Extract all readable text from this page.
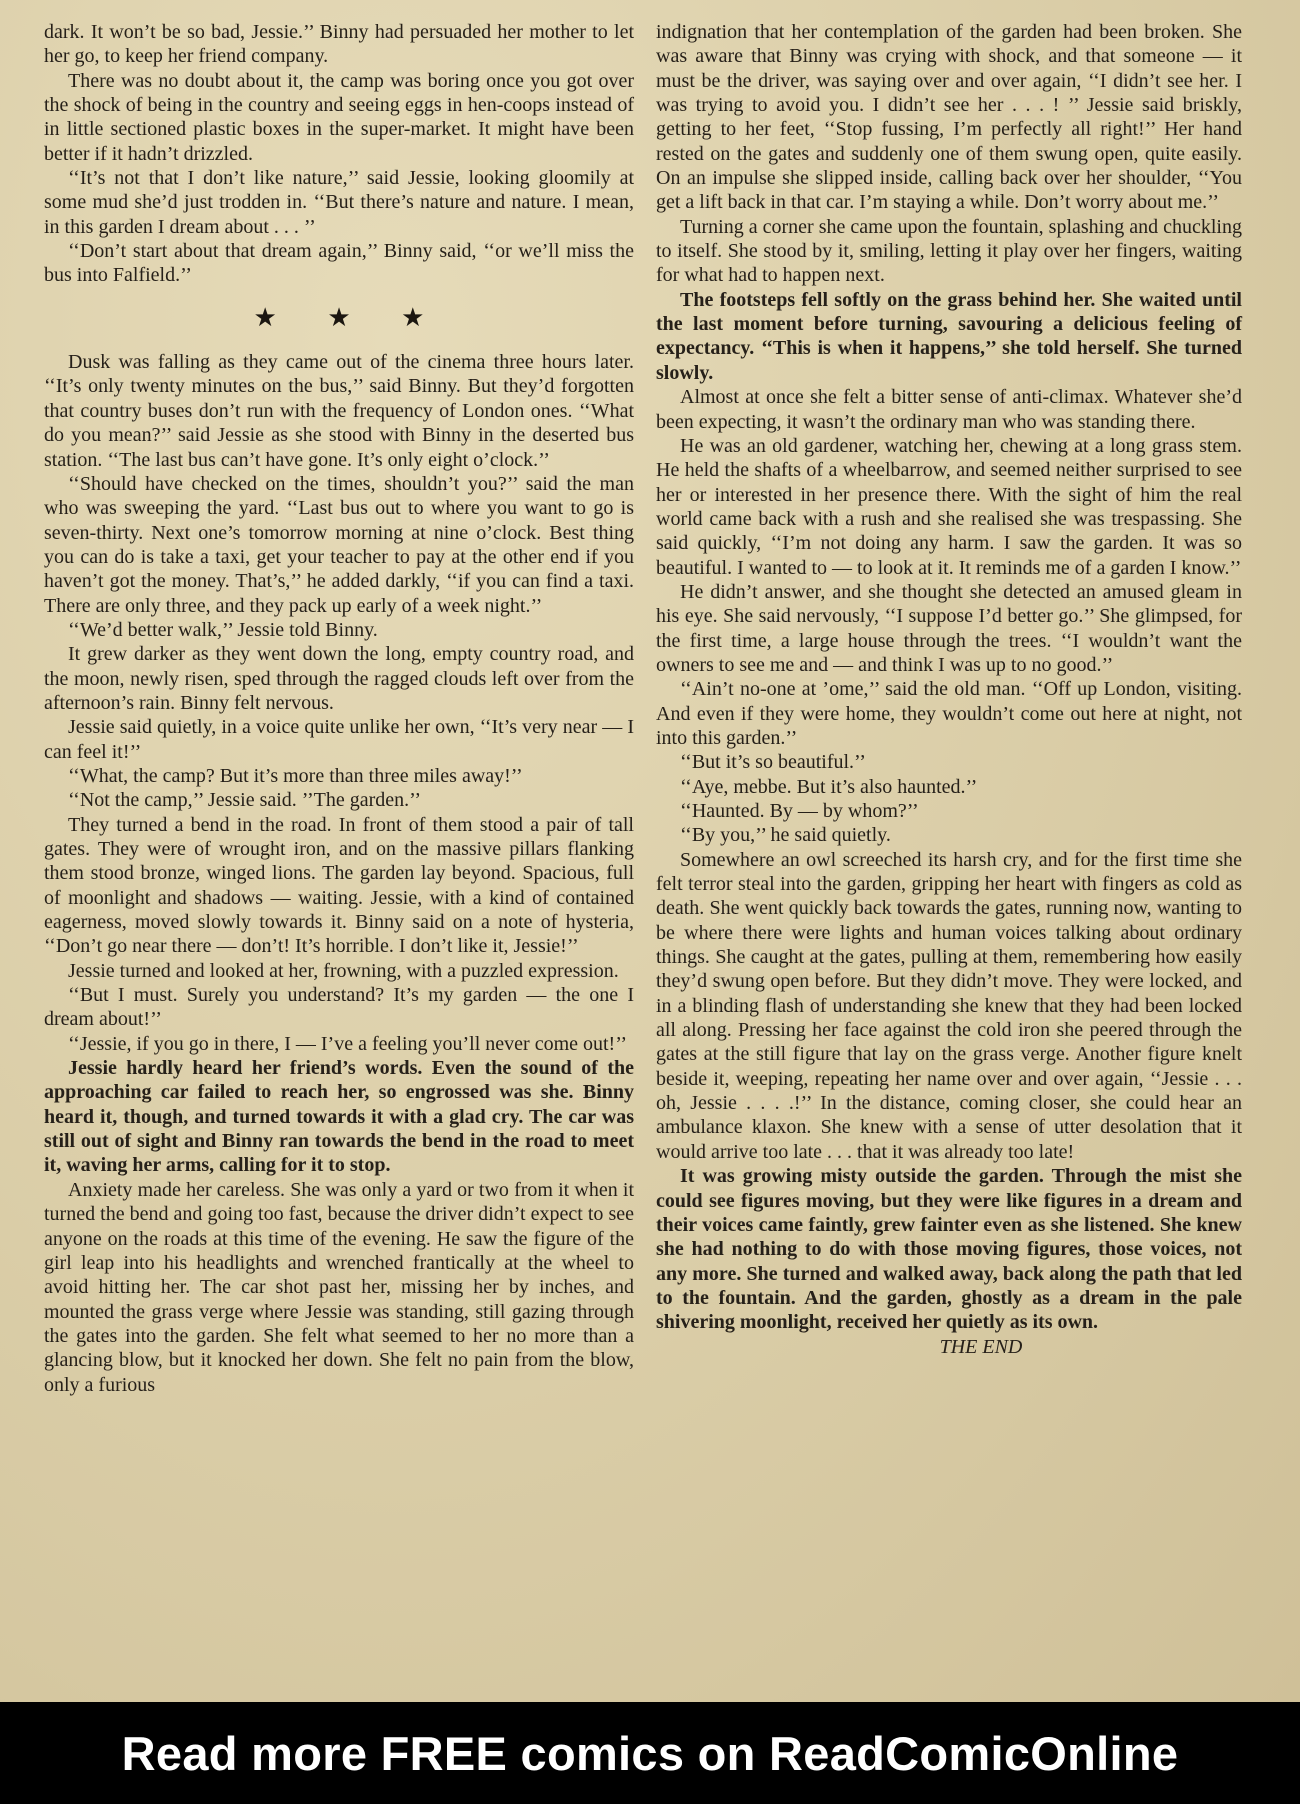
dark. It won’t be so bad, Jessie.’’ Binny had persuaded her mother to let her go, to keep her friend company.

There was no doubt about it, the camp was boring once you got over the shock of being in the country and seeing eggs in hen-coops instead of in little sectioned plastic boxes in the super-market. It might have been better if it hadn’t drizzled.

‘‘It’s not that I don’t like nature,’’ said Jessie, looking gloomily at some mud she’d just trodden in. ‘‘But there’s nature and nature. I mean, in this garden I dream about . . . ’’

‘‘Don’t start about that dream again,’’ Binny said, ‘‘or we’ll miss the bus into Falfield.’’

★ ★ ★

Dusk was falling as they came out of the cinema three hours later. ‘‘It’s only twenty minutes on the bus,’’ said Binny. But they’d forgotten that country buses don’t run with the frequency of London ones. ‘‘What do you mean?’’ said Jessie as she stood with Binny in the deserted bus station. ‘‘The last bus can’t have gone. It’s only eight o’clock.’’

‘‘Should have checked on the times, shouldn’t you?’’ said the man who was sweeping the yard. ‘‘Last bus out to where you want to go is seven-thirty. Next one’s tomorrow morning at nine o’clock. Best thing you can do is take a taxi, get your teacher to pay at the other end if you haven’t got the money. That’s,’’ he added darkly, ‘‘if you can find a taxi. There are only three, and they pack up early of a week night.’’

‘‘We’d better walk,’’ Jessie told Binny.

It grew darker as they went down the long, empty country road, and the moon, newly risen, sped through the ragged clouds left over from the afternoon’s rain. Binny felt nervous.

Jessie said quietly, in a voice quite unlike her own, ‘‘It’s very near — I can feel it!’’

‘‘What, the camp? But it’s more than three miles away!’’

‘‘Not the camp,’’ Jessie said. ’’The garden.’’

They turned a bend in the road. In front of them stood a pair of tall gates. They were of wrought iron, and on the massive pillars flanking them stood bronze, winged lions. The garden lay beyond. Spacious, full of moonlight and shadows — waiting. Jessie, with a kind of contained eagerness, moved slowly towards it. Binny said on a note of hysteria, ‘‘Don’t go near there — don’t! It’s horrible. I don’t like it, Jessie!’’

Jessie turned and looked at her, frowning, with a puzzled expression.

‘‘But I must. Surely you understand? It’s my garden — the one I dream about!’’

‘‘Jessie, if you go in there, I — I’ve a feeling you’ll never come out!’’

Jessie hardly heard her friend’s words. Even the sound of the approaching car failed to reach her, so engrossed was she. Binny heard it, though, and turned towards it with a glad cry. The car was still out of sight and Binny ran towards the bend in the road to meet it, waving her arms, calling for it to stop.

Anxiety made her careless. She was only a yard or two from it when it turned the bend and going too fast, because the driver didn’t expect to see anyone on the roads at this time of the evening. He saw the figure of the girl leap into his headlights and wrenched frantically at the wheel to avoid hitting her. The car shot past her, missing her by inches, and mounted the grass verge where Jessie was standing, still gazing through the gates into the garden. She felt what seemed to her no more than a glancing blow, but it knocked her down. She felt no pain from the blow, only a furious

indignation that her contemplation of the garden had been broken. She was aware that Binny was crying with shock, and that someone — it must be the driver, was saying over and over again, ‘‘I didn’t see her. I was trying to avoid you. I didn’t see her . . . ! ’’ Jessie said briskly, getting to her feet, ‘‘Stop fussing, I’m perfectly all right!’’ Her hand rested on the gates and suddenly one of them swung open, quite easily. On an impulse she slipped inside, calling back over her shoulder, ‘‘You get a lift back in that car. I’m staying a while. Don’t worry about me.’’

Turning a corner she came upon the fountain, splashing and chuckling to itself. She stood by it, smiling, letting it play over her fingers, waiting for what had to happen next.

The footsteps fell softly on the grass behind her. She waited until the last moment before turning, savouring a delicious feeling of expectancy. ‘‘This is when it happens,’’ she told herself. She turned slowly.

Almost at once she felt a bitter sense of anti-climax. Whatever she’d been expecting, it wasn’t the ordinary man who was standing there.

He was an old gardener, watching her, chewing at a long grass stem. He held the shafts of a wheelbarrow, and seemed neither surprised to see her or interested in her presence there. With the sight of him the real world came back with a rush and she realised she was trespassing. She said quickly, ‘‘I’m not doing any harm. I saw the garden. It was so beautiful. I wanted to — to look at it. It reminds me of a garden I know.’’

He didn’t answer, and she thought she detected an amused gleam in his eye. She said nervously, ‘‘I suppose I’d better go.’’ She glimpsed, for the first time, a large house through the trees. ‘‘I wouldn’t want the owners to see me and — and think I was up to no good.’’

‘‘Ain’t no-one at ’ome,’’ said the old man. ‘‘Off up London, visiting. And even if they were home, they wouldn’t come out here at night, not into this garden.’’

‘‘But it’s so beautiful.’’

‘‘Aye, mebbe. But it’s also haunted.’’

‘‘Haunted. By — by whom?’’

‘‘By you,’’ he said quietly.

Somewhere an owl screeched its harsh cry, and for the first time she felt terror steal into the garden, gripping her heart with fingers as cold as death. She went quickly back towards the gates, running now, wanting to be where there were lights and human voices talking about ordinary things. She caught at the gates, pulling at them, remembering how easily they’d swung open before. But they didn’t move. They were locked, and in a blinding flash of understanding she knew that they had been locked all along. Pressing her face against the cold iron she peered through the gates at the still figure that lay on the grass verge. Another figure knelt beside it, weeping, repeating her name over and over again, ‘‘Jessie . . . oh, Jessie . . . .!’’ In the distance, coming closer, she could hear an ambulance klaxon. She knew with a sense of utter desolation that it would arrive too late . . . that it was already too late!

It was growing misty outside the garden. Through the mist she could see figures moving, but they were like figures in a dream and their voices came faintly, grew fainter even as she listened. She knew she had nothing to do with those moving figures, those voices, not any more. She turned and walked away, back along the path that led to the fountain. And the garden, ghostly as a dream in the pale shivering moonlight, received her quietly as its own.

THE END

Read more FREE comics on ReadComicOnline
